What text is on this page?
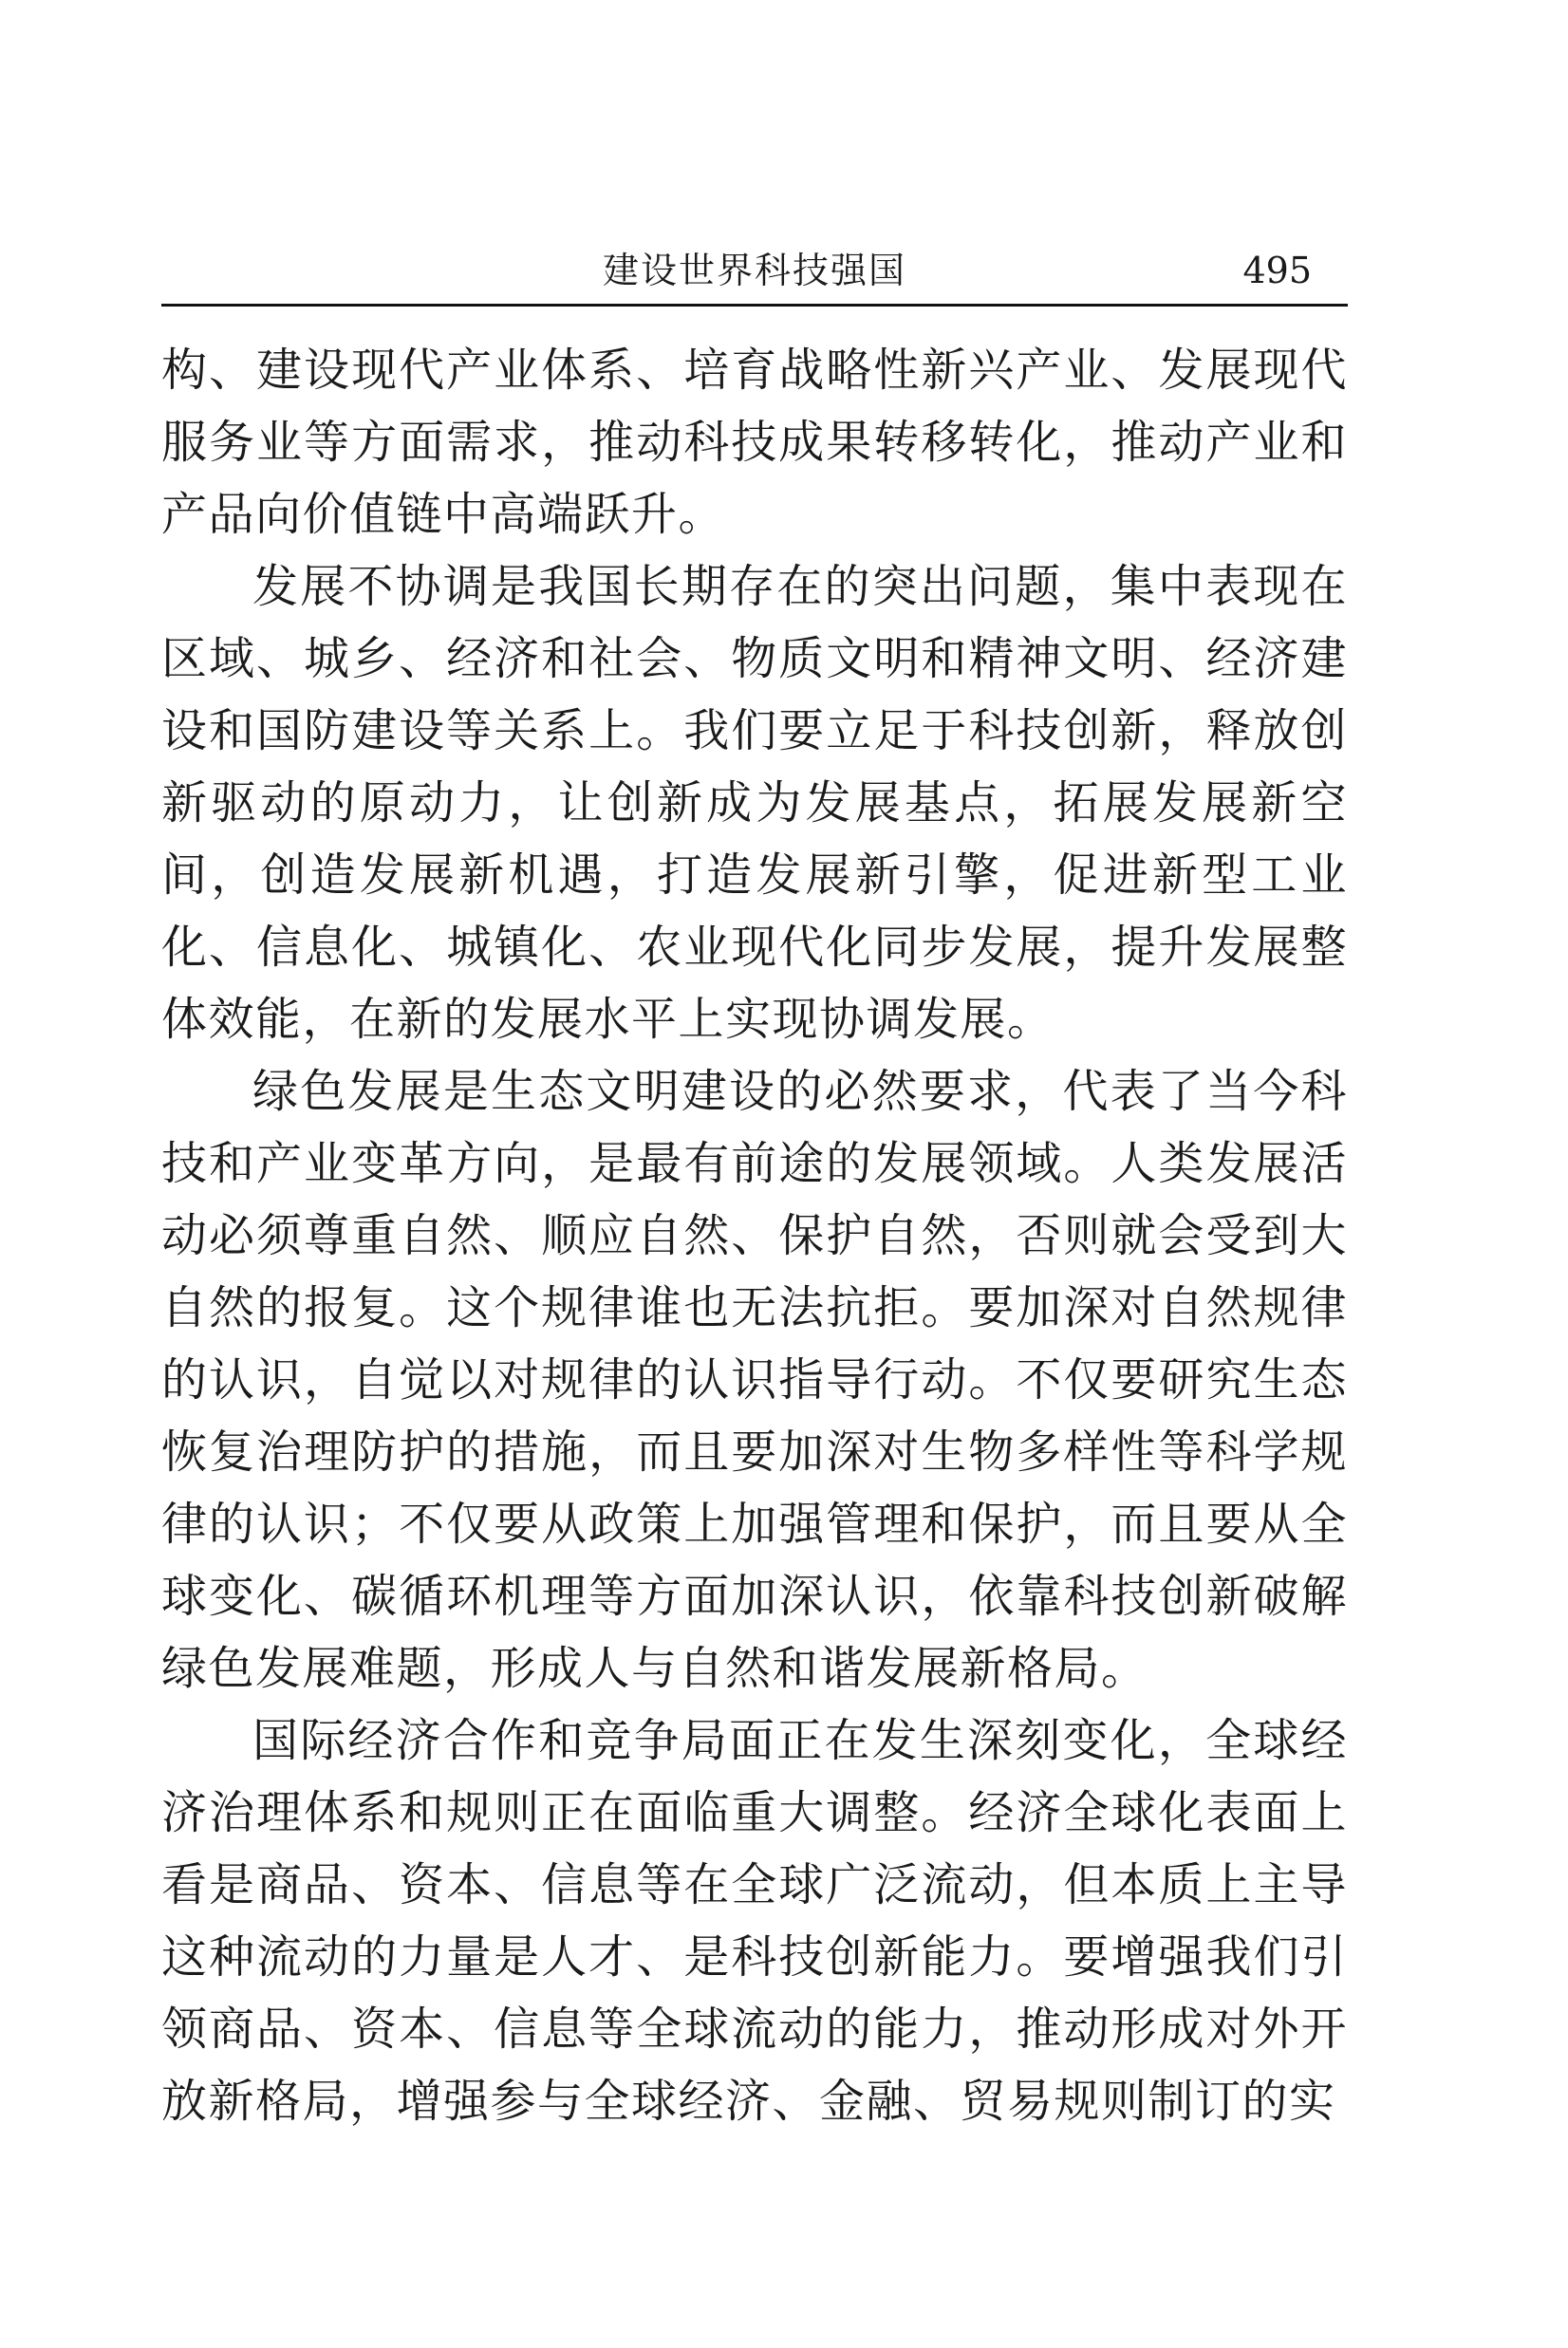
建设世界科技强国	495

构、建设现代产业体系、培育战略性新兴产业、发展现代服务业等方面需求，推动科技成果转移转化，推动产业和产品向价值链中高端跃升。

发展不协调是我国长期存在的突出问题，集中表现在区域、城乡、经济和社会、物质文明和精神文明、经济建设和国防建设等关系上。我们要立足于科技创新，释放创新驱动的原动力，让创新成为发展基点，拓展发展新空间，创造发展新机遇，打造发展新引擎，促进新型工业化、信息化、城镇化、农业现代化同步发展，提升发展整体效能，在新的发展水平上实现协调发展。

绿色发展是生态文明建设的必然要求，代表了当今科技和产业变革方向，是最有前途的发展领域。人类发展活动必须尊重自然、顺应自然、保护自然，否则就会受到大自然的报复。这个规律谁也无法抗拒。要加深对自然规律的认识，自觉以对规律的认识指导行动。不仅要研究生态恢复治理防护的措施，而且要加深对生物多样性等科学规律的认识；不仅要从政策上加强管理和保护，而且要从全球变化、碳循环机理等方面加深认识，依靠科技创新破解绿色发展难题，形成人与自然和谐发展新格局。

国际经济合作和竞争局面正在发生深刻变化，全球经济治理体系和规则正在面临重大调整。经济全球化表面上看是商品、资本、信息等在全球广泛流动，但本质上主导这种流动的力量是人才、是科技创新能力。要增强我们引领商品、资本、信息等全球流动的能力，推动形成对外开放新格局，增强参与全球经济、金融、贸易规则制订的实
